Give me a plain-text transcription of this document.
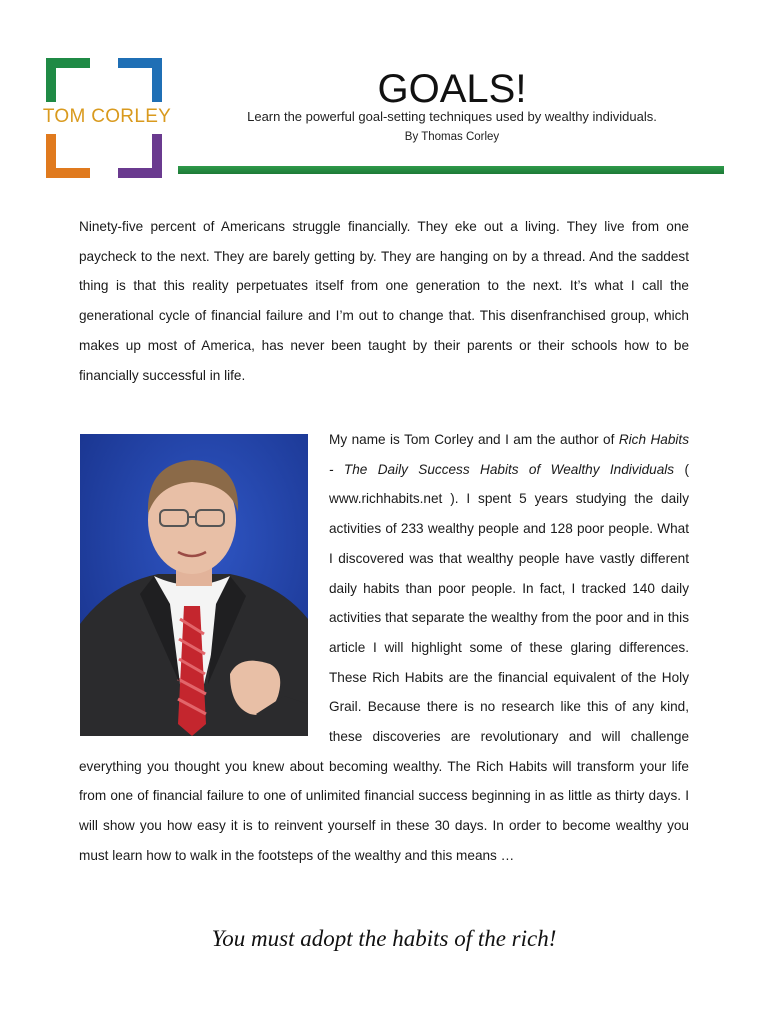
TOM CORLEY
GOALS!
Learn the powerful goal-setting techniques used by wealthy individuals.
By Thomas Corley

Ninety-five percent of Americans struggle financially. They eke out a living. They live from one paycheck to the next. They are barely getting by. They are hanging on by a thread. And the saddest thing is that this reality perpetuates itself from one generation to the next. It’s what I call the generational cycle of financial failure and I’m out to change that. This disenfranchised group, which makes up most of America, has never been taught by their parents or their schools how to be financially successful in life.

My name is Tom Corley and I am the author of Rich Habits - The Daily Success Habits of Wealthy Individuals ( www.richhabits.net ). I spent 5 years studying the daily activities of 233 wealthy people and 128 poor people. What I discovered was that wealthy people have vastly different daily habits than poor people. In fact, I tracked 140 daily activities that separate the wealthy from the poor and in this article I will highlight some of these glaring differences. These Rich Habits are the financial equivalent of the Holy Grail. Because there is no research like this of any kind, these discoveries are revolutionary and will challenge everything you thought you knew about becoming wealthy. The Rich Habits will transform your life from one of financial failure to one of unlimited financial success beginning in as little as thirty days. I will show you how easy it is to reinvent yourself in these 30 days. In order to become wealthy you must learn how to walk in the footsteps of the wealthy and this means …

You must adopt the habits of the rich!
